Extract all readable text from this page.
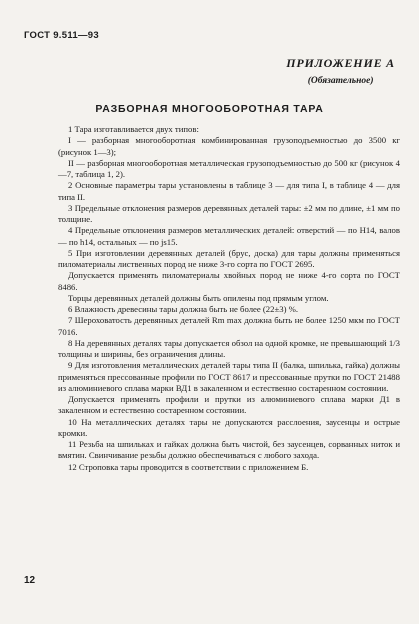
ГОСТ 9.511—93
ПРИЛОЖЕНИЕ А
(Обязательное)
РАЗБОРНАЯ МНОГООБОРОТНАЯ ТАРА

1 Тара изготавливается двух типов:

I — разборная многооборотная комбинированная грузоподъемностью до 3500 кг (рисунок 1—3);

II — разборная многооборотная металлическая грузоподъемностью до 500 кг (рисунок 4—7, таблица 1, 2).

2 Основные параметры тары установлены в таблице 3 — для типа I, в таблице 4 — для типа II.

3 Предельные отклонения размеров деревянных деталей тары: ±2 мм по длине, ±1 мм по толщине.

4 Предельные отклонения размеров металлических деталей: отверстий — по H14, валов — по h14, остальных — по js15.

5 При изготовлении деревянных деталей (брус, доска) для тары должны применяться пиломатериалы лиственных пород не ниже 3-го сорта по ГОСТ 2695.

Допускается применять пиломатериалы хвойных пород не ниже 4-го сорта по ГОСТ 8486.

Торцы деревянных деталей должны быть опилены под прямым углом.

6 Влажность древесины тары должна быть не более (22±3) %.

7 Шероховатость деревянных деталей Rm max должна быть не более 1250 мкм по ГОСТ 7016.

8 На деревянных деталях тары допускается обзол на одной кромке, не превышающий 1/3 толщины и ширины, без ограничения длины.

9 Для изготовления металлических деталей тары типа II (балка, шпилька, гайка) должны применяться прессованные профили по ГОСТ 8617 и прессованные прутки по ГОСТ 21488 из алюминиевого сплава марки ВД1 в закаленном и естественно состаренном состоянии.

Допускается применять профили и прутки из алюминиевого сплава марки Д1 в закаленном и естественно состаренном состоянии.

10 На металлических деталях тары не допускаются расслоения, заусенцы и острые кромки.

11 Резьба на шпильках и гайках должна быть чистой, без заусенцев, сорванных ниток и вмятин. Свинчивание резьбы должно обеспечиваться с любого захода.

12 Строповка тары проводится в соответствии с приложением Б.

12
